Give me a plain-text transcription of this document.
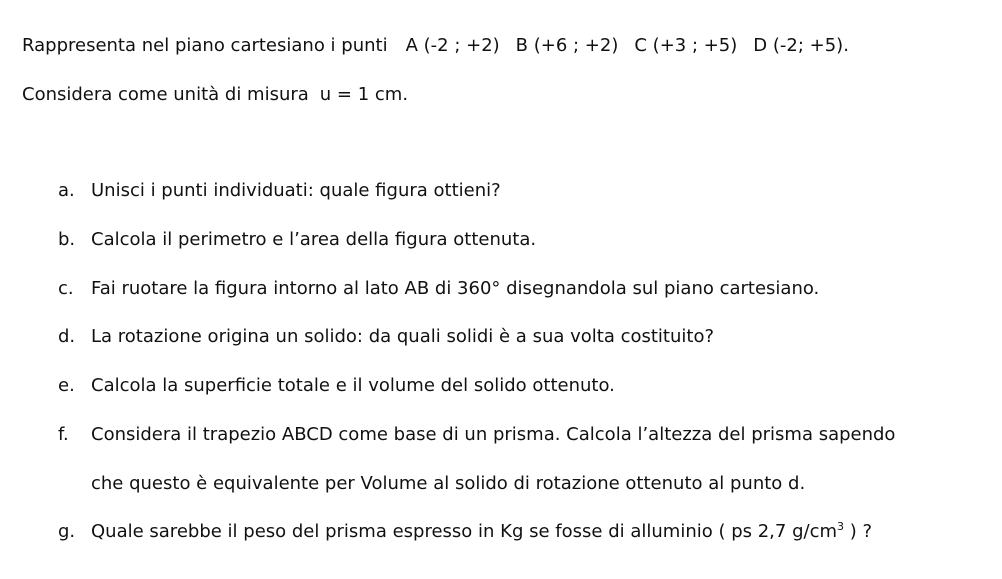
Rappresenta nel piano cartesiano i punti A (-2 ; +2) B (+6 ; +2) C (+3 ; +5) D (-2; +5).
Considera come unità di misura u = 1 cm.
a. Unisci i punti individuati: quale figura ottieni?
b. Calcola il perimetro e l’area della figura ottenuta.
c. Fai ruotare la figura intorno al lato AB di 360° disegnandola sul piano cartesiano.
d. La rotazione origina un solido: da quali solidi è a sua volta costituito?
e. Calcola la superficie totale e il volume del solido ottenuto.
f. Considera il trapezio ABCD come base di un prisma. Calcola l’altezza del prisma sapendo
che questo è equivalente per Volume al solido di rotazione ottenuto al punto d.
g. Quale sarebbe il peso del prisma espresso in Kg se fosse di alluminio ( ps 2,7 $g/cm^3$ ) ?
